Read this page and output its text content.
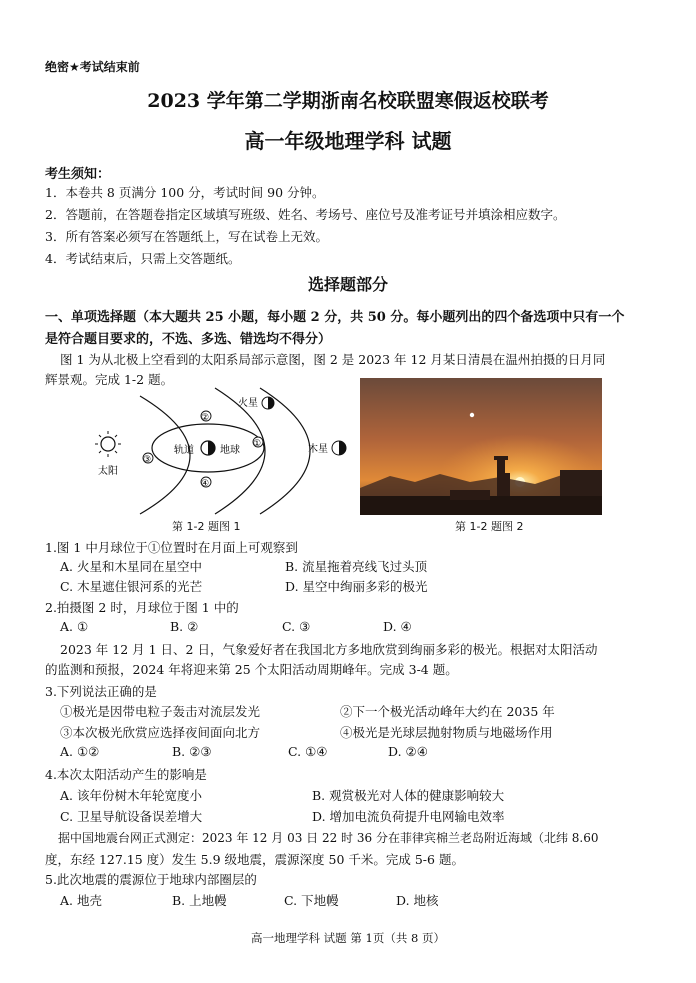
绝密★考试结束前
2023 学年第二学期浙南名校联盟寒假返校联考
高一年级地理学科 试题
考生须知：
1．本卷共 8 页满分 100 分，考试时间 90 分钟。
2．答题前，在答题卷指定区域填写班级、姓名、考场号、座位号及准考证号并填涂相应数字。
3．所有答案必须写在答题纸上，写在试卷上无效。
4．考试结束后，只需上交答题纸。
选择题部分
一、单项选择题（本大题共 25 小题，每小题 2 分，共 50 分。每小题列出的四个备选项中只有一个
是符合题目要求的，不选、多选、错选均不得分）
图 1 为从北极上空看到的太阳系局部示意图，图 2 是 2023 年 12 月某日清晨在温州拍摄的日月同
辉景观。完成 1-2 题。
太阳
轨道	地球
②
①
④
③
火星
木星
第 1-2 题图 1	第 1-2 题图 2
1.图 1 中月球位于①位置时在月面上可观察到
A. 火星和木星同在星空中	B. 流星拖着亮线飞过头顶
C. 木星遮住银河系的光芒	D. 星空中绚丽多彩的极光
2.拍摄图 2 时，月球位于图 1 中的
A. ①	B. ②	C. ③	D. ④
2023 年 12 月 1 日、2 日，气象爱好者在我国北方多地欣赏到绚丽多彩的极光。根据对太阳活动
的监测和预报，2024 年将迎来第 25 个太阳活动周期峰年。完成 3-4 题。
3.下列说法正确的是
①极光是因带电粒子轰击对流层发光	②下一个极光活动峰年大约在 2035 年
③本次极光欣赏应选择夜间面向北方	④极光是光球层抛射物质与地磁场作用
A. ①②	B. ②③	C. ①④	D. ②④
4.本次太阳活动产生的影响是
A. 该年份树木年轮宽度小	B. 观赏极光对人体的健康影响较大
C. 卫星导航设备误差增大	D. 增加电流负荷提升电网输电效率
据中国地震台网正式测定：2023 年 12 月 03 日 22 时 36 分在菲律宾棉兰老岛附近海域（北纬 8.60
度，东经 127.15 度）发生 5.9 级地震，震源深度 50 千米。完成 5-6 题。
5.此次地震的震源位于地球内部圈层的
A. 地壳	B. 上地幔	C. 下地幔	D. 地核
高一地理学科 试题 第 1页（共 8 页）
